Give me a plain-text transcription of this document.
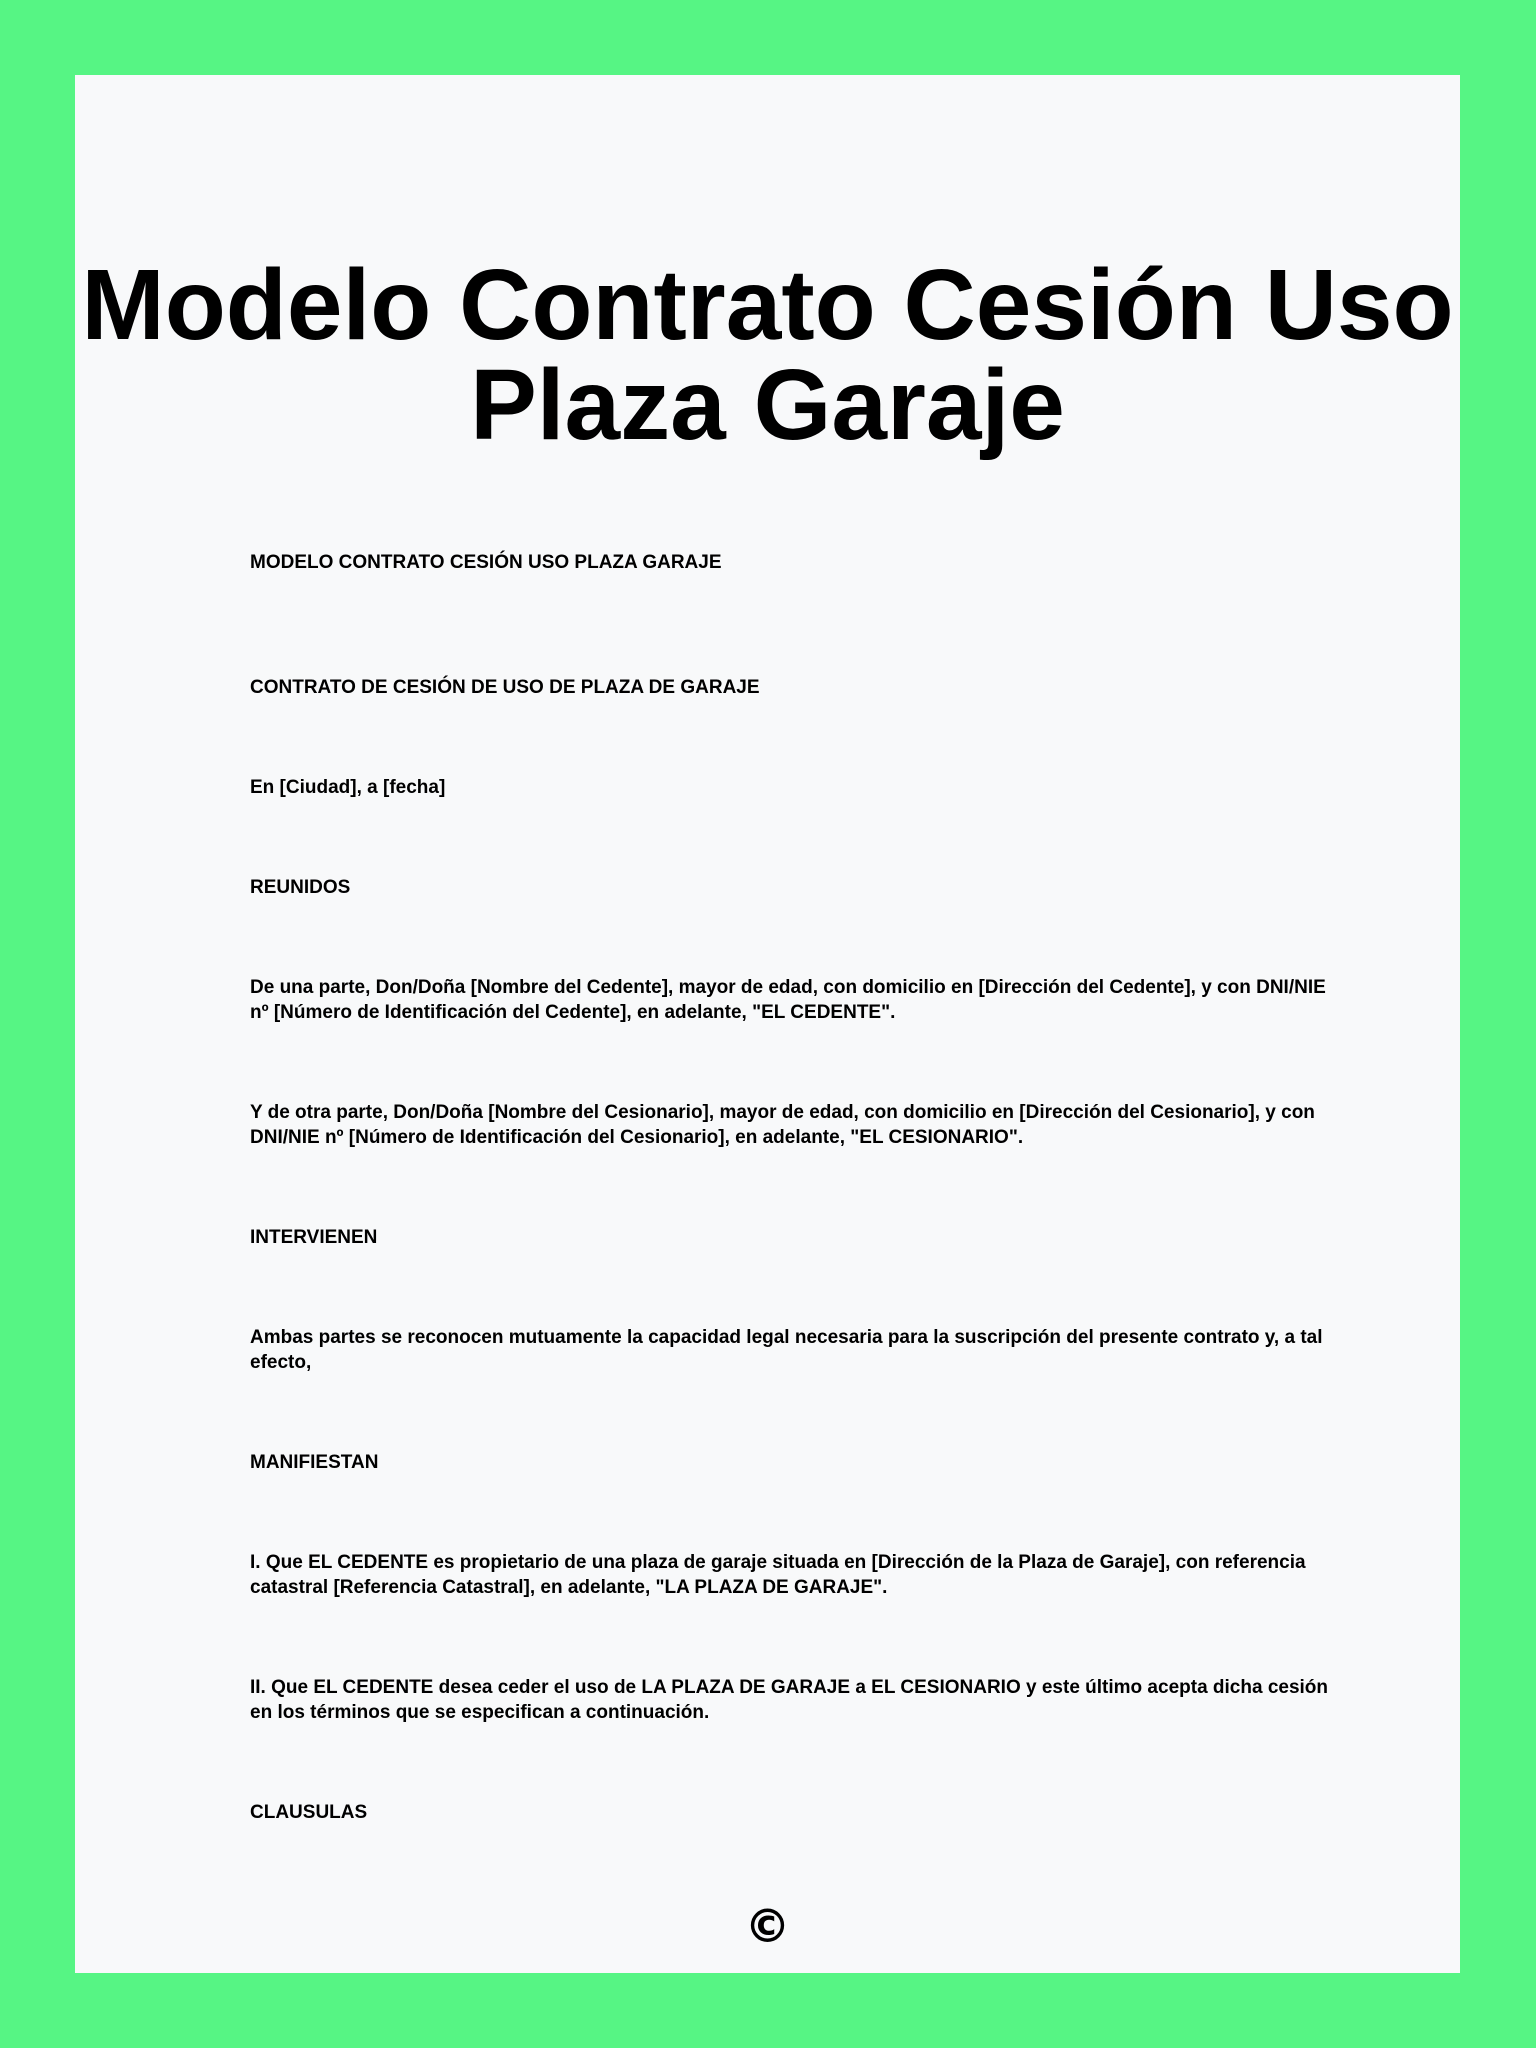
Modelo Contrato Cesión Uso Plaza Garaje

MODELO CONTRATO CESIÓN USO PLAZA GARAJE

CONTRATO DE CESIÓN DE USO DE PLAZA DE GARAJE

En [Ciudad], a [fecha]

REUNIDOS

De una parte, Don/Doña [Nombre del Cedente], mayor de edad, con domicilio en [Dirección del Cedente], y con DNI/NIE nº [Número de Identificación del Cedente], en adelante, "EL CEDENTE".

Y de otra parte, Don/Doña [Nombre del Cesionario], mayor de edad, con domicilio en [Dirección del Cesionario], y con DNI/NIE nº [Número de Identificación del Cesionario], en adelante, "EL CESIONARIO".

INTERVIENEN

Ambas partes se reconocen mutuamente la capacidad legal necesaria para la suscripción del presente contrato y, a tal efecto,

MANIFIESTAN

I. Que EL CEDENTE es propietario de una plaza de garaje situada en [Dirección de la Plaza de Garaje], con referencia catastral [Referencia Catastral], en adelante, "LA PLAZA DE GARAJE".

II. Que EL CEDENTE desea ceder el uso de LA PLAZA DE GARAJE a EL CESIONARIO y este último acepta dicha cesión en los términos que se especifican a continuación.

CLAUSULAS

©
